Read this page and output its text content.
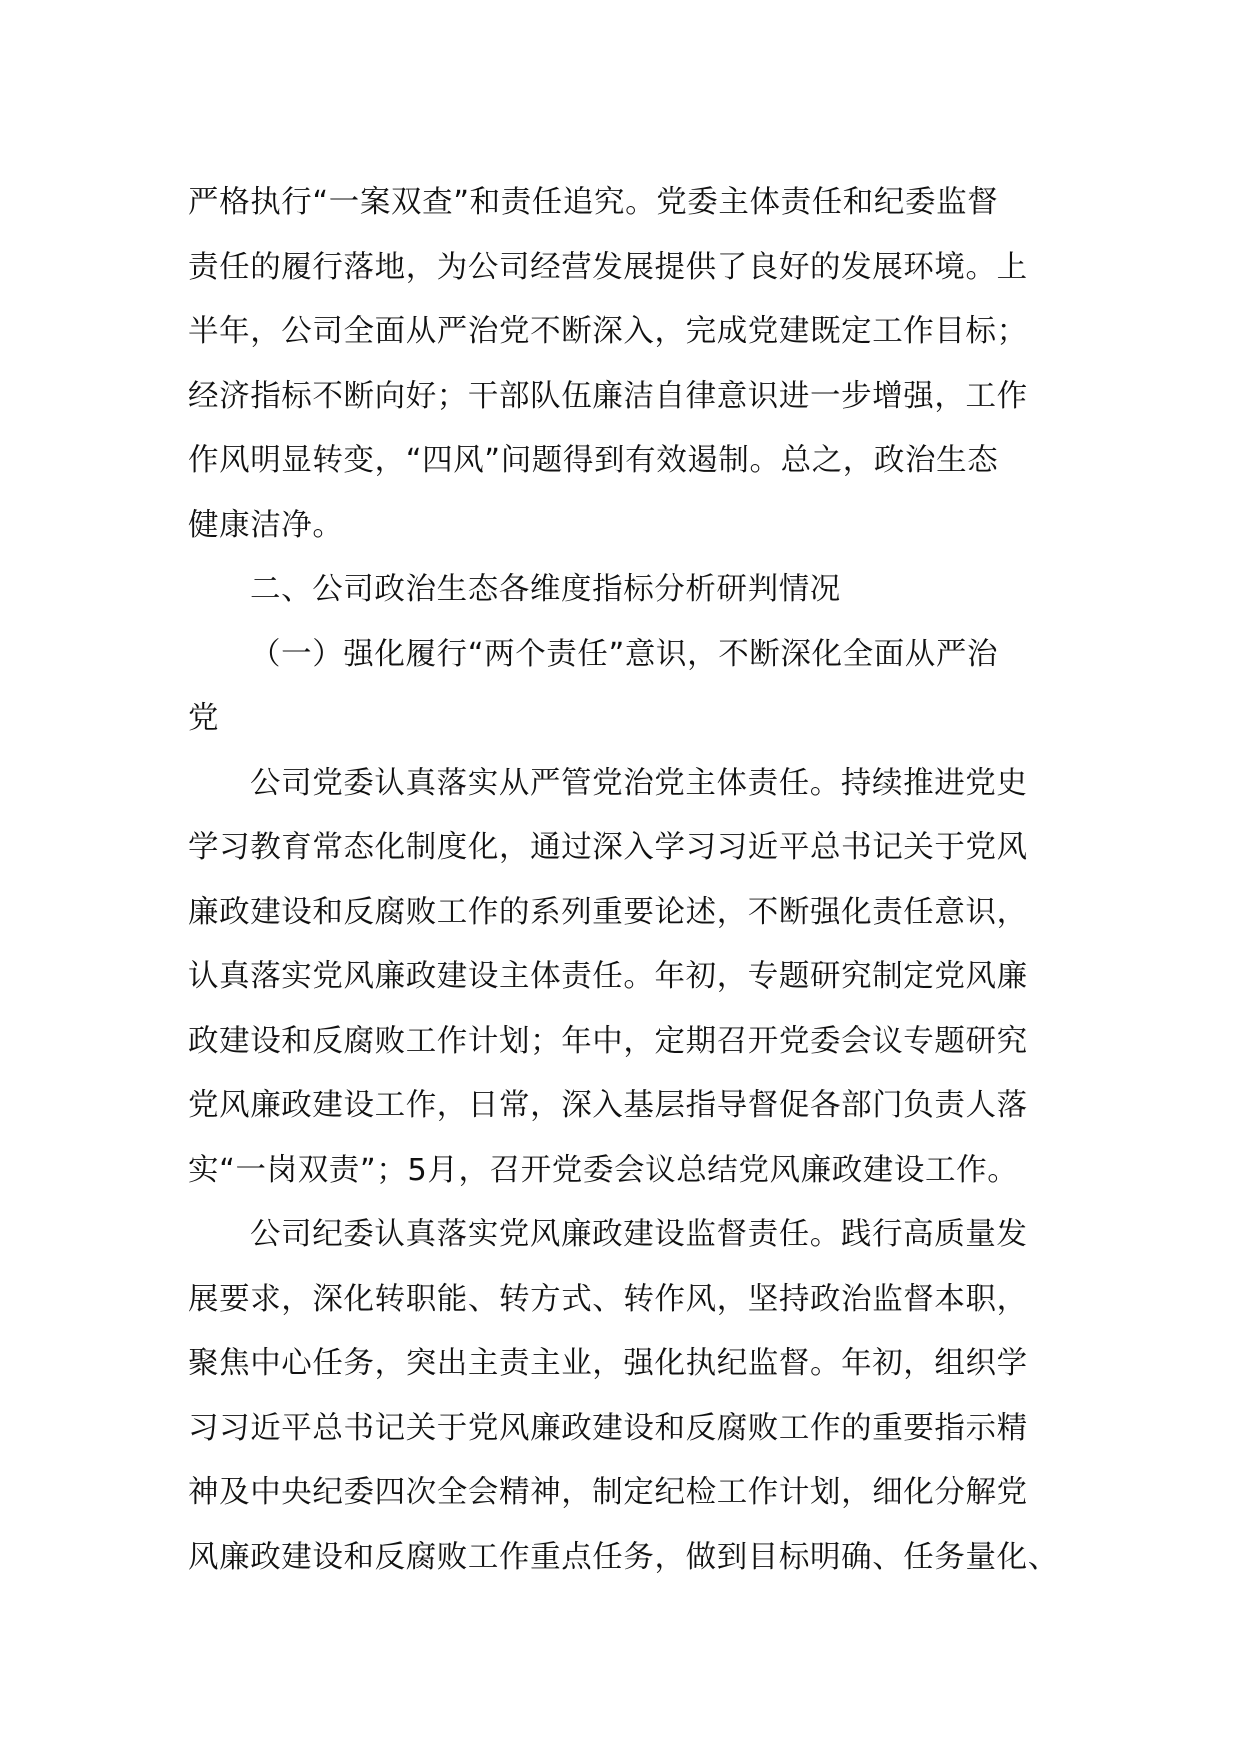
严格执行“一案双查”和责任追究。党委主体责任和纪委监督
责任的履行落地，为公司经营发展提供了良好的发展环境。上
半年，公司全面从严治党不断深入，完成党建既定工作目标；
经济指标不断向好；干部队伍廉洁自律意识进一步增强，工作
作风明显转变，“四风”问题得到有效遏制。总之，政治生态
健康洁净。
二、公司政治生态各维度指标分析研判情况
（一）强化履行“两个责任”意识，不断深化全面从严治
党
公司党委认真落实从严管党治党主体责任。持续推进党史
学习教育常态化制度化，通过深入学习习近平总书记关于党风
廉政建设和反腐败工作的系列重要论述，不断强化责任意识，
认真落实党风廉政建设主体责任。年初，专题研究制定党风廉
政建设和反腐败工作计划；年中，定期召开党委会议专题研究
党风廉政建设工作，日常，深入基层指导督促各部门负责人落
实“一岗双责”；5月，召开党委会议总结党风廉政建设工作。
公司纪委认真落实党风廉政建设监督责任。践行高质量发
展要求，深化转职能、转方式、转作风，坚持政治监督本职，
聚焦中心任务，突出主责主业，强化执纪监督。年初，组织学
习习近平总书记关于党风廉政建设和反腐败工作的重要指示精
神及中央纪委四次全会精神，制定纪检工作计划，细化分解党
风廉政建设和反腐败工作重点任务，做到目标明确、任务量化、
